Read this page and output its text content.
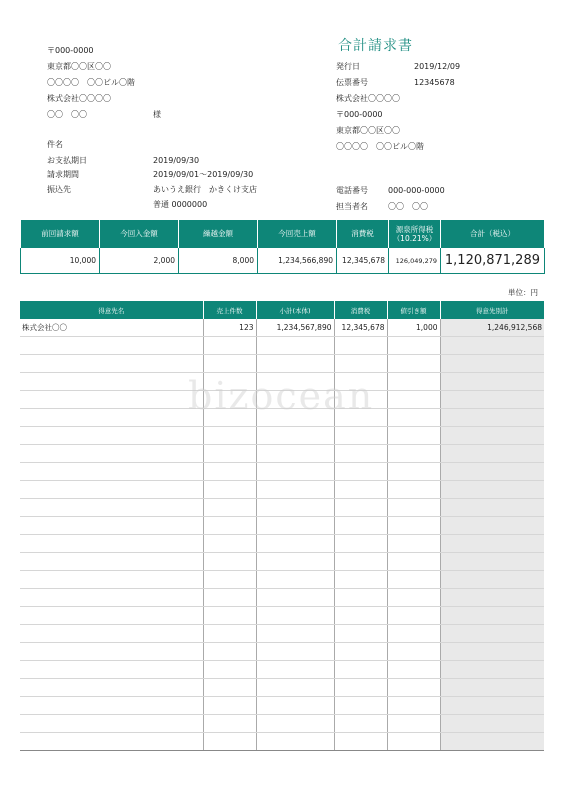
〒000-0000
東京都〇〇区〇〇
〇〇〇〇　〇〇ビル〇階
株式会社〇〇〇〇
〇〇　〇〇	様
合計請求書
発行日	2019/12/09
伝票番号	12345678
株式会社〇〇〇〇
〒000-0000
東京都〇〇区〇〇
〇〇〇〇　〇〇ビル〇階
電話番号	000-000-0000
担当者名	〇〇　〇〇
件名
お支払期日	2019/09/30
請求期間	2019/09/01～2019/09/30
振込先	あいうえ銀行　かきくけ支店
普通 0000000
前回請求額	今回入金額	繰越金額	今回売上額	消費税	源泉所得税
（10.21%）	合計（税込）
10,000	2,000	8,000	1,234,566,890	12,345,678	126,049,279	1,120,871,289
単位：円
得意先名	売上件数	小計(本体)	消費税	値引き額	得意先別計
株式会社〇〇	123	1,234,567,890	12,345,678	1,000	1,246,912,568

bizocean
